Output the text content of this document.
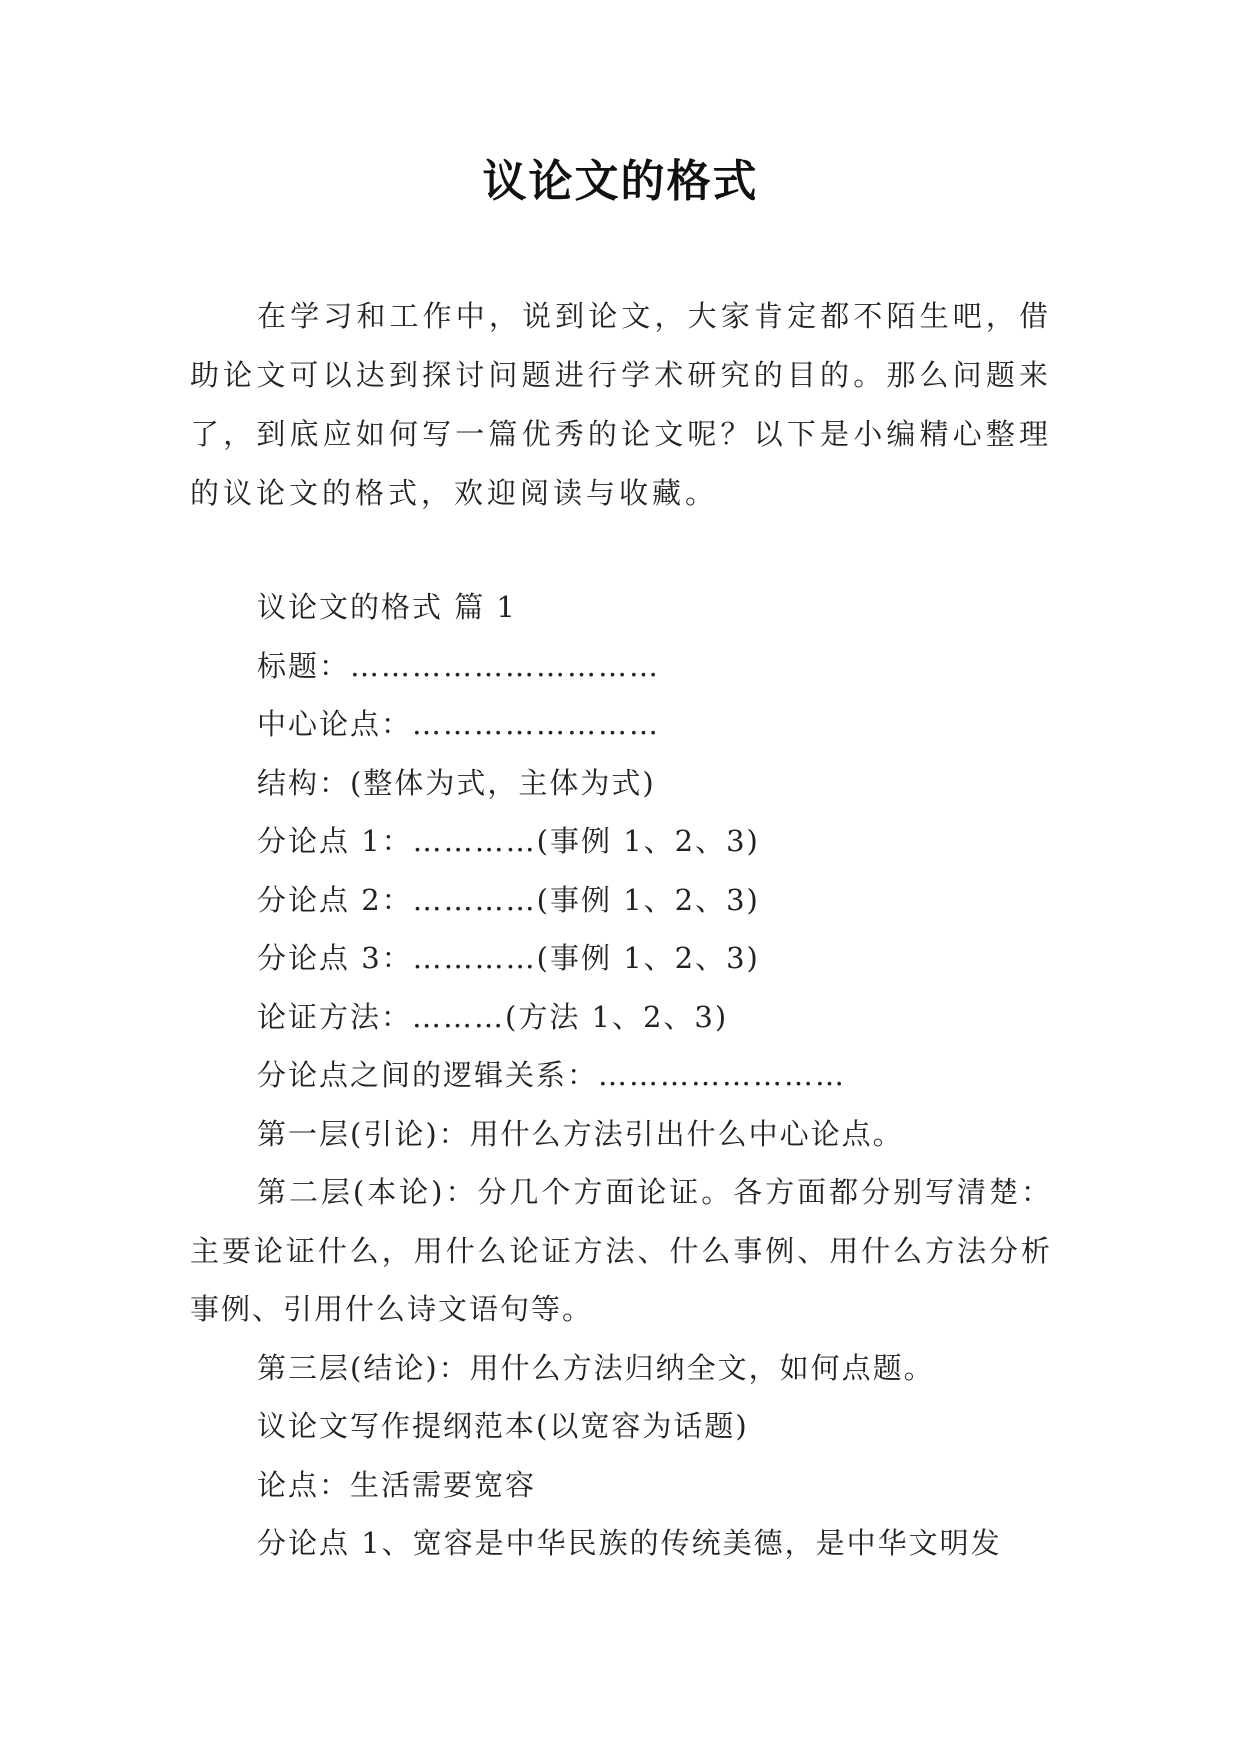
议论文的格式
在学习和工作中，说到论文，大家肯定都不陌生吧，借助论文可以达到探讨问题进行学术研究的目的。那么问题来了，到底应如何写一篇优秀的论文呢？以下是小编精心整理的议论文的格式，欢迎阅读与收藏。
议论文的格式 篇 1
标题：…………………………
中心论点：……………………
结构：(整体为式，主体为式)
分论点 1：…………(事例 1、2、3)
分论点 2：…………(事例 1、2、3)
分论点 3：…………(事例 1、2、3)
论证方法：………(方法 1、2、3)
分论点之间的逻辑关系：……………………
第一层(引论)：用什么方法引出什么中心论点。
第二层(本论)：分几个方面论证。各方面都分别写清楚：主要论证什么，用什么论证方法、什么事例、用什么方法分析事例、引用什么诗文语句等。
第三层(结论)：用什么方法归纳全文，如何点题。
议论文写作提纲范本(以宽容为话题)
论点：生活需要宽容
分论点 1、宽容是中华民族的传统美德，是中华文明发
